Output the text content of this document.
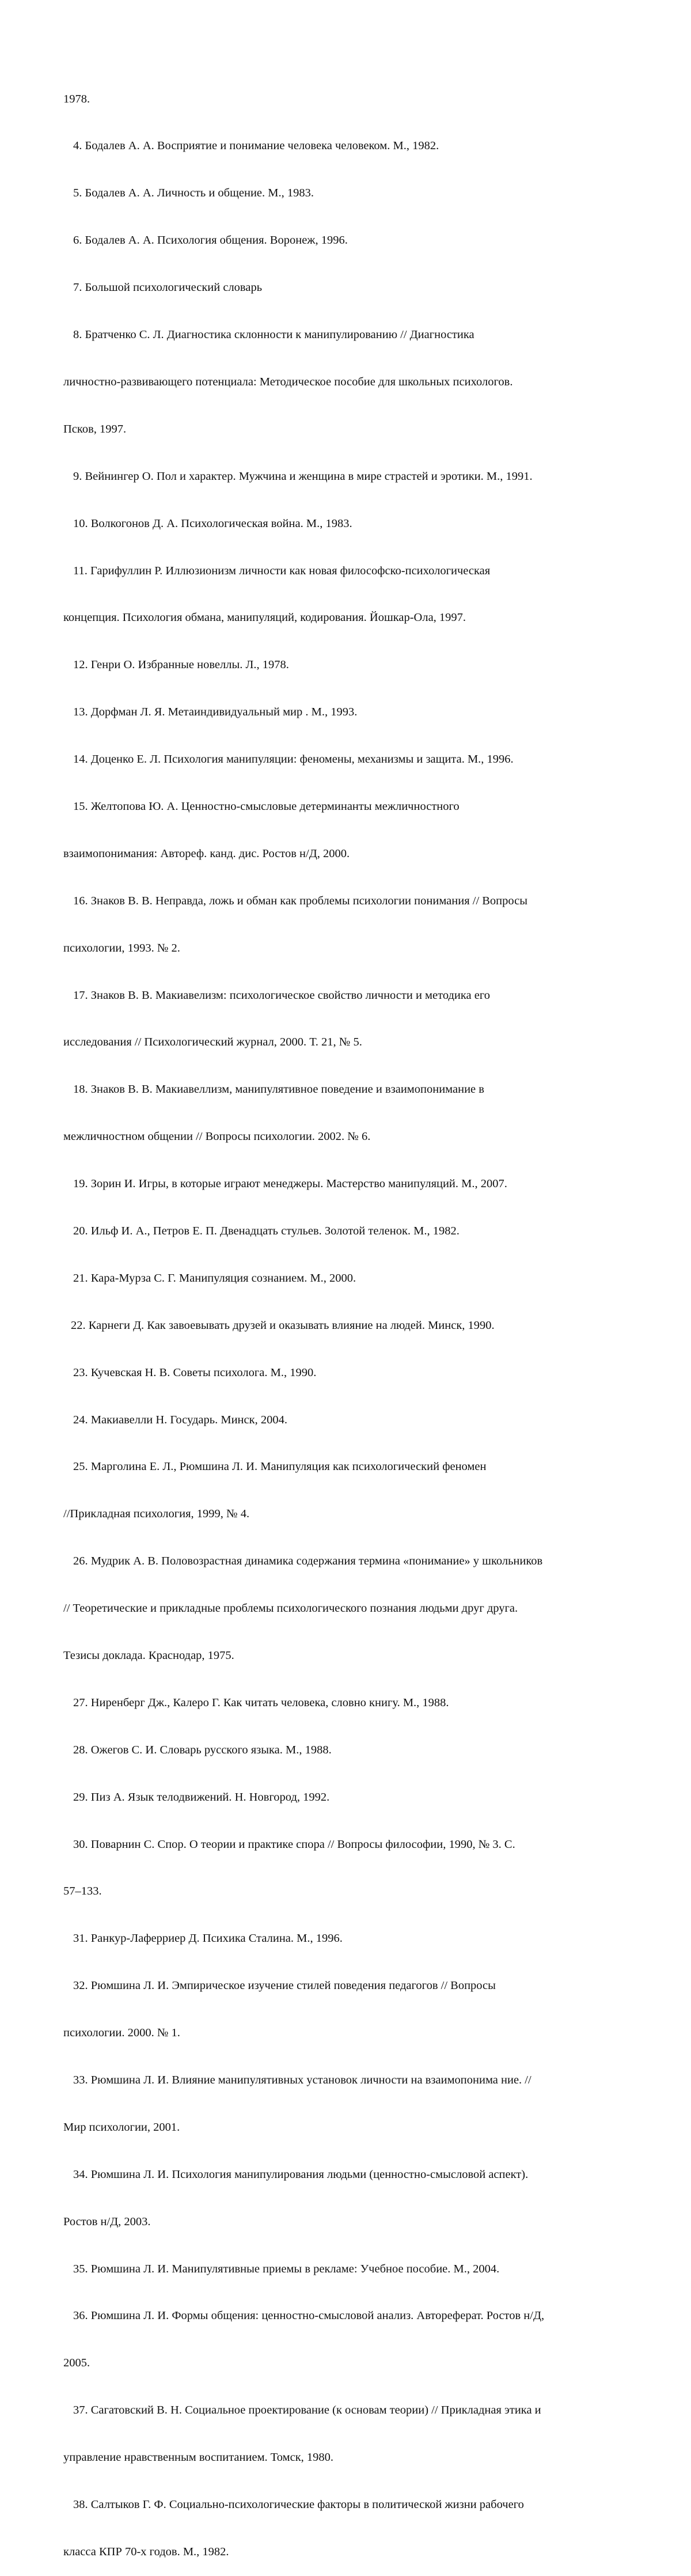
1978.

4. Бодалев А. А. Восприятие и понимание человека человеком. М., 1982.

5. Бодалев А. А. Личность и общение. М., 1983.

6. Бодалев А. А. Психология общения. Воронеж, 1996.

7. Большой психологический словарь

8. Братченко С. Л. Диагностика склонности к манипулированию // Диагностика

личностно-развивающего потенциала: Методическое пособие для школьных психологов.

Псков, 1997.

9. Вейнингер О. Пол и характер. Мужчина и женщина в мире страстей и эротики. М., 1991.

10. Волкогонов Д. А. Психологическая война. М., 1983.

11. Гарифуллин Р. Иллюзионизм личности как новая философско-психологическая

концепция. Психология обмана, манипуляций, кодирования. Йошкар-Ола, 1997.

12. Генри О. Избранные новеллы. Л., 1978.

13. Дорфман Л. Я. Метаиндивидуальный мир . М., 1993.

14. Доценко Е. Л. Психология манипуляции: феномены, механизмы и защита. М., 1996.

15. Желтопова Ю. А. Ценностно-смысловые детерминанты межличностного

взаимопонимания: Автореф. канд. дис. Ростов н/Д, 2000.

16. Знаков В. В. Неправда, ложь и обман как проблемы психологии понимания // Вопросы

психологии, 1993. № 2.

17. Знаков В. В. Макиавелизм: психологическое свойство личности и методика его

исследования // Психологический журнал, 2000. Т. 21, № 5.

18. Знаков В. В. Макиавеллизм, манипулятивное поведение и взаимопонимание в

межличностном общении // Вопросы психологии. 2002. № 6.

19. Зорин И. Игры, в которые играют менеджеры. Мастерство манипуляций. М., 2007.

20. Ильф И. А., Петров Е. П. Двенадцать стульев. Золотой теленок. М., 1982.

21. Кара-Мурза С. Г. Манипуляция сознанием. М., 2000.

22. Карнеги Д. Как завоевывать друзей и оказывать влияние на людей. Минск, 1990.

23. Кучевская Н. В. Советы психолога. М., 1990.

24. Макиавелли Н. Государь. Минск, 2004.

25. Марголина Е. Л., Рюмшина Л. И. Манипуляция как психологический феномен

//Прикладная психология, 1999, № 4.

26. Мудрик А. В. Половозрастная динамика содержания термина «понимание» у школьников

// Теоретические и прикладные проблемы психологического познания людьми друг друга.

Тезисы доклада. Краснодар, 1975.

27. Ниренберг Дж., Калеро Г. Как читать человека, словно книгу. М., 1988.

28. Ожегов С. И. Словарь русского языка. М., 1988.

29. Пиз А. Язык телодвижений. Н. Новгород, 1992.

30. Поварнин С. Спор. О теории и практике спора // Вопросы философии, 1990, № 3. С.

57–133.

31. Ранкур-Лаферриер Д. Психика Сталина. М., 1996.

32. Рюмшина Л. И. Эмпирическое изучение стилей поведения педагогов // Вопросы

психологии. 2000. № 1.

33. Рюмшина Л. И. Влияние манипулятивных установок личности на взаимопонима ние. //

Мир психологии, 2001.

34. Рюмшина Л. И. Психология манипулирования людьми (ценностно-смысловой аспект).

Ростов н/Д, 2003.

35. Рюмшина Л. И. Манипулятивные приемы в рекламе: Учебное пособие. М., 2004.

36. Рюмшина Л. И. Формы общения: ценностно-смысловой анализ. Автореферат. Ростов н/Д,

2005.

37. Сагатовский В. Н. Социальное проектирование (к основам теории) // Прикладная этика и

управление нравственным воспитанием. Томск, 1980.

38. Салтыков Г. Ф. Социально-психологические факторы в политической жизни рабочего

класса КПР 70-х годов. М., 1982.
